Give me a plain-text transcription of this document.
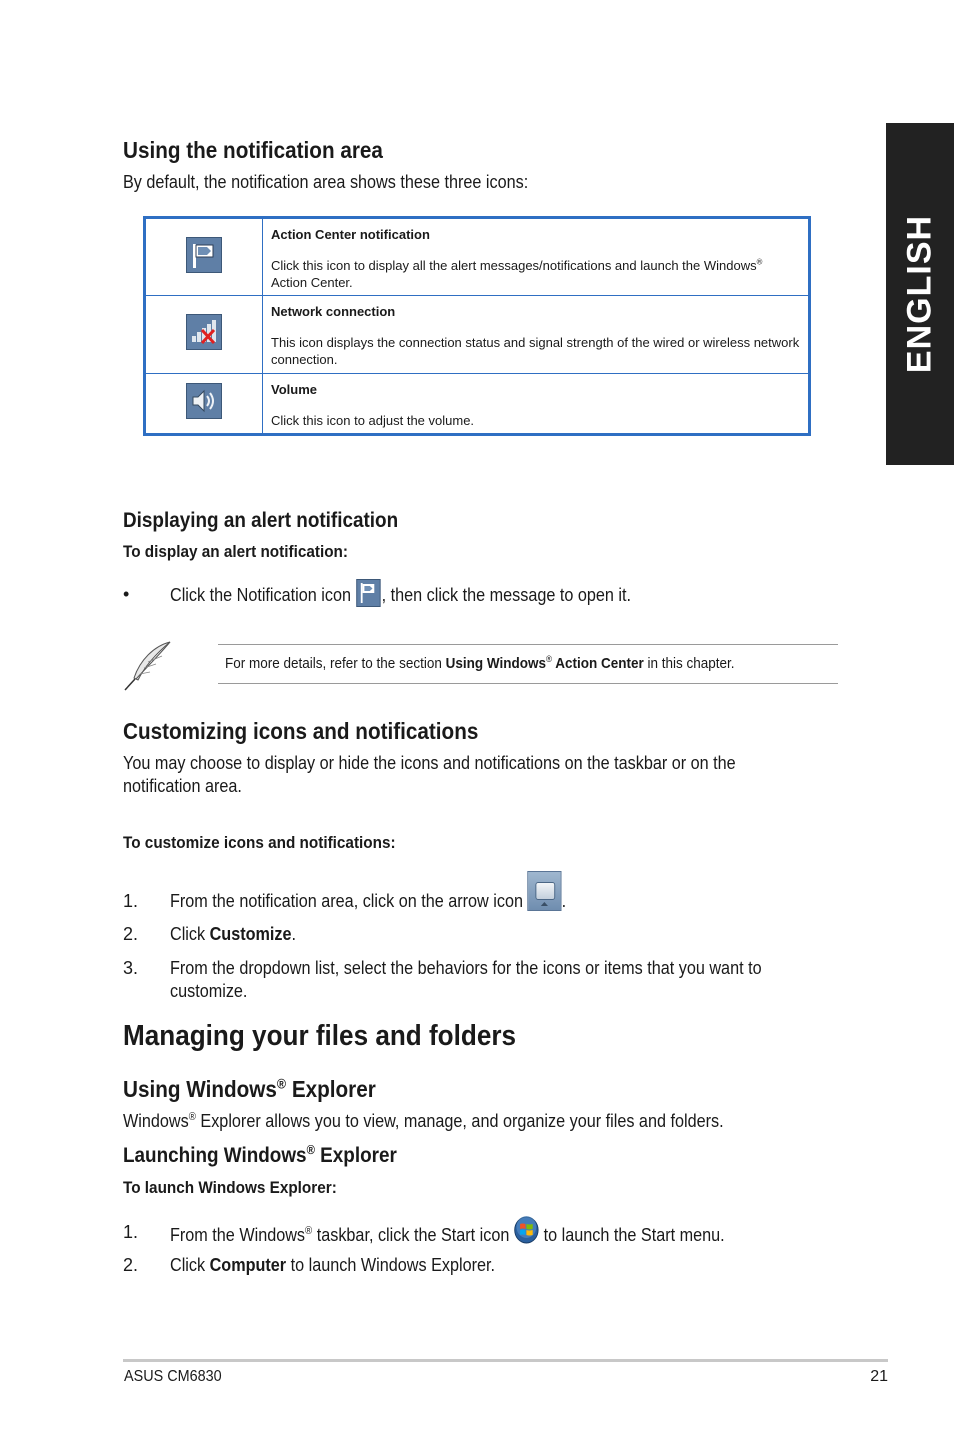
ENGLISH
Using the notification area
By default, the notification area shows these three icons:

Action Center notification
Click this icon to display all the alert messages/notifications and launch the Windows® Action Center.

Network connection
This icon displays the connection status and signal strength of the wired or wireless network connection.

Volume
Click this icon to adjust the volume.
Displaying an alert notification
To display an alert notification:
• Click the Notification icon , then click the message to open it.
For more details, refer to the section Using Windows® Action Center in this chapter.
Customizing icons and notifications
You may choose to display or hide the icons and notifications on the taskbar or on the
notification area.
To customize icons and notifications:
1. From the notification area, click on the arrow icon
.
2. Click Customize.
3. From the dropdown list, select the behaviors for the icons or items that you want to
customize.
Managing your files and folders
Using Windows® Explorer
Windows® Explorer allows you to view, manage, and organize your files and folders.
Launching Windows® Explorer
To launch Windows Explorer:
1. From the Windows® taskbar, click the Start icon  to launch the Start menu.
2. Click Computer to launch Windows Explorer.
ASUS CM6830	21
